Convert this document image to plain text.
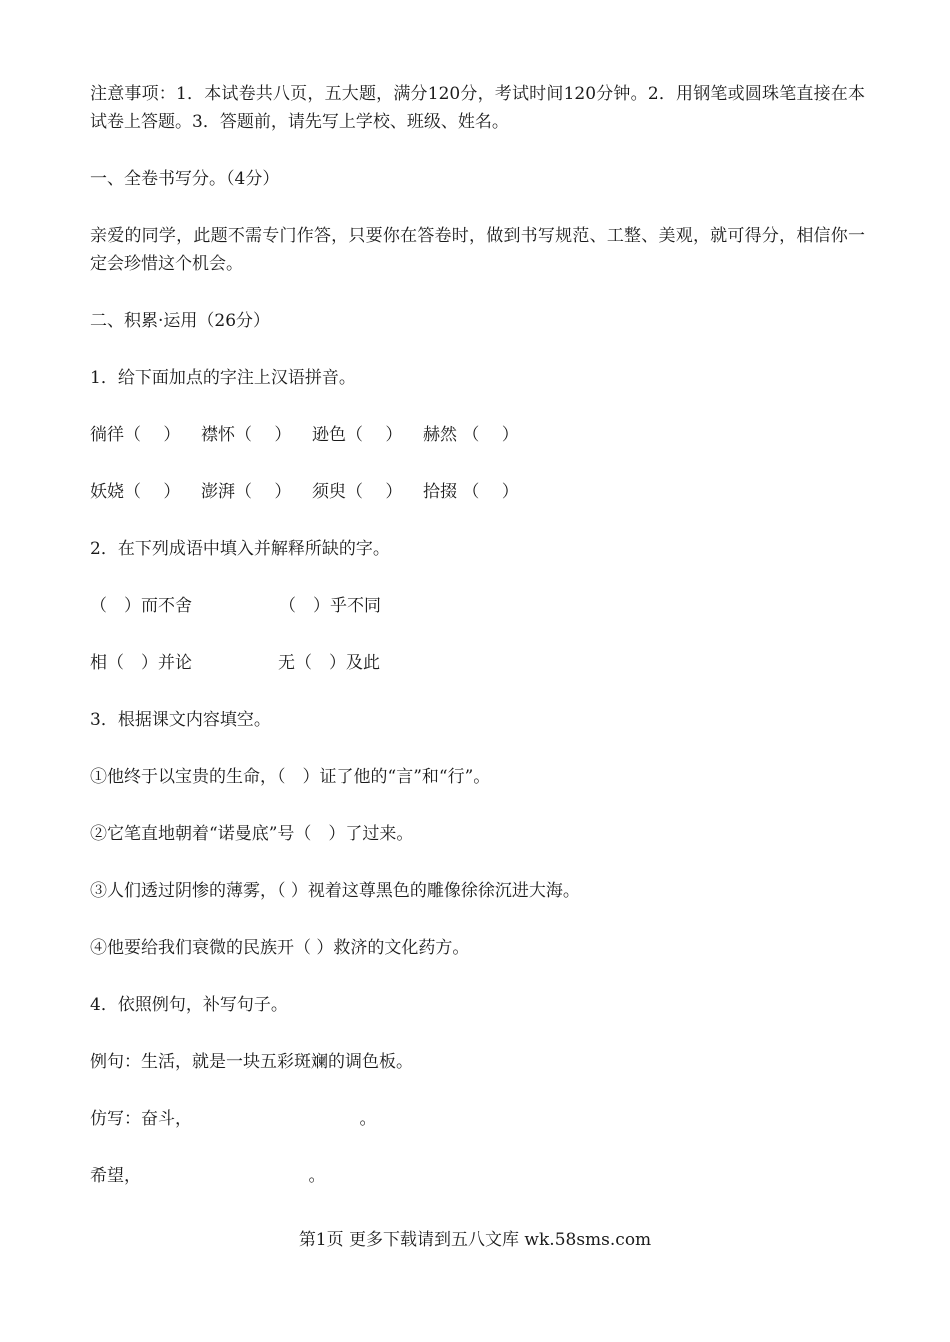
注意事项：1．本试卷共八页，五大题，满分120分，考试时间120分钟。2．用钢笔或圆珠笔直接在本试卷上答题。3．答题前，请先写上学校、班级、姓名。

一、全卷书写分。（4分）

亲爱的同学，此题不需专门作答，只要你在答卷时，做到书写规范、工整、美观，就可得分，相信你一定会珍惜这个机会。

二、积累·运用（26分）

1．给下面加点的字注上汉语拼音。

徜徉（　 ）

襟怀（　 ）

逊色（　 ）

赫然 （　 ）

妖娆（　 ）

澎湃（　 ）

须臾（　 ）

拾掇 （　 ）

2．在下列成语中填入并解释所缺的字。

（　）而不舍

	（　）乎不同

相（　）并论

	无（　）及此

3．根据课文内容填空。

①他终于以宝贵的生命，（　）证了他的“言”和“行”。

②它笔直地朝着“诺曼底”号（　）了过来。

③人们透过阴惨的薄雾，（ ）视着这尊黑色的雕像徐徐沉进大海。

④他要给我们衰微的民族开（ ）救济的文化药方。

4．依照例句，补写句子。

例句：生活，就是一块五彩斑斓的调色板。

仿写：奋斗，                               。

希望，                               。

第1页 更多下载请到五八文库 wk.58sms.com
